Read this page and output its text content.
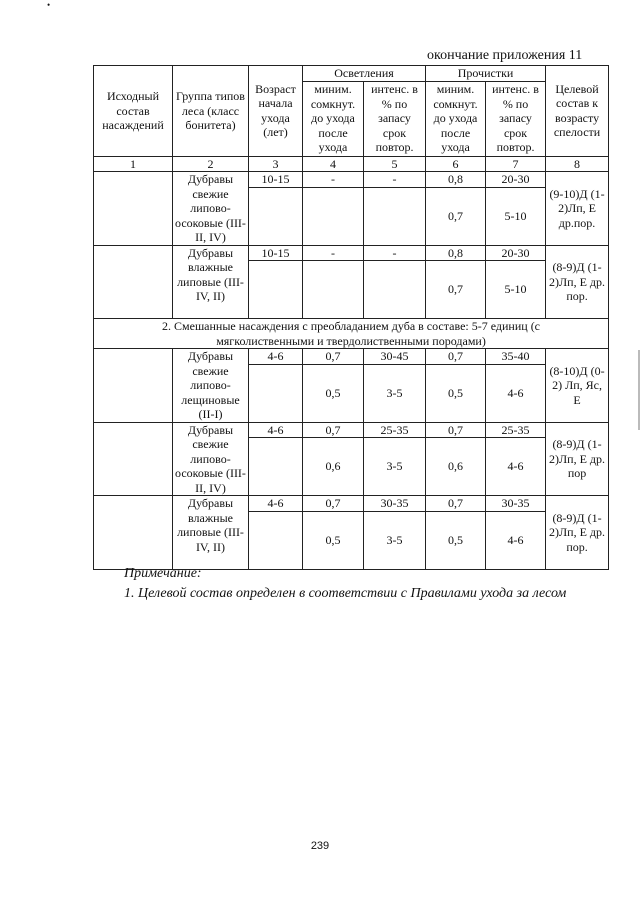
•
окончание приложения 11
Исходный состав насаждений	Группа типов леса (класс бонитета)	Возраст начала ухода (лет)	Осветления		Прочистки		Целевой состав к возрасту спелости
			миним. сомкнут. до ухода после ухода	интенс. в % по запасу срок повтор.	миним. сомкнут. до ухода после ухода	интенс. в % по запасу срок повтор.	
1	2	3	4	5	6	7	8
	Дубравы свежие липово-осоковые (III-II, IV)	10-15	-	-	0,8	20-30	(9-10)Д (1-2)Лп, Е др.пор.
					0,7	5-10	
	Дубравы влажные липовые (III-IV, II)	10-15	-	-	0,8	20-30	(8-9)Д (1-2)Лп, Е др. пор.
					0,7	5-10	
2. Смешанные насаждения с преобладанием дуба в составе: 5-7 единиц (с мягколиственными и твердолиственными породами)							
	Дубравы свежие липово-лещиновые (II-I)	4-6	0,7	30-45	0,7	35-40	(8-10)Д (0-2) Лп, Яс, Е
			0,5	3-5	0,5	4-6	
	Дубравы свежие липово-осоковые (III-II, IV)	4-6	0,7	25-35	0,7	25-35	(8-9)Д (1-2)Лп, Е др. пор
			0,6	3-5	0,6	4-6	
	Дубравы влажные липовые (III-IV, II)	4-6	0,7	30-35	0,7	30-35	(8-9)Д (1-2)Лп, Е др. пор.
			0,5	3-5	0,5	4-6	
Примечание:
1. Целевой состав определен в соответствии с Правилами ухода за лесом
239
